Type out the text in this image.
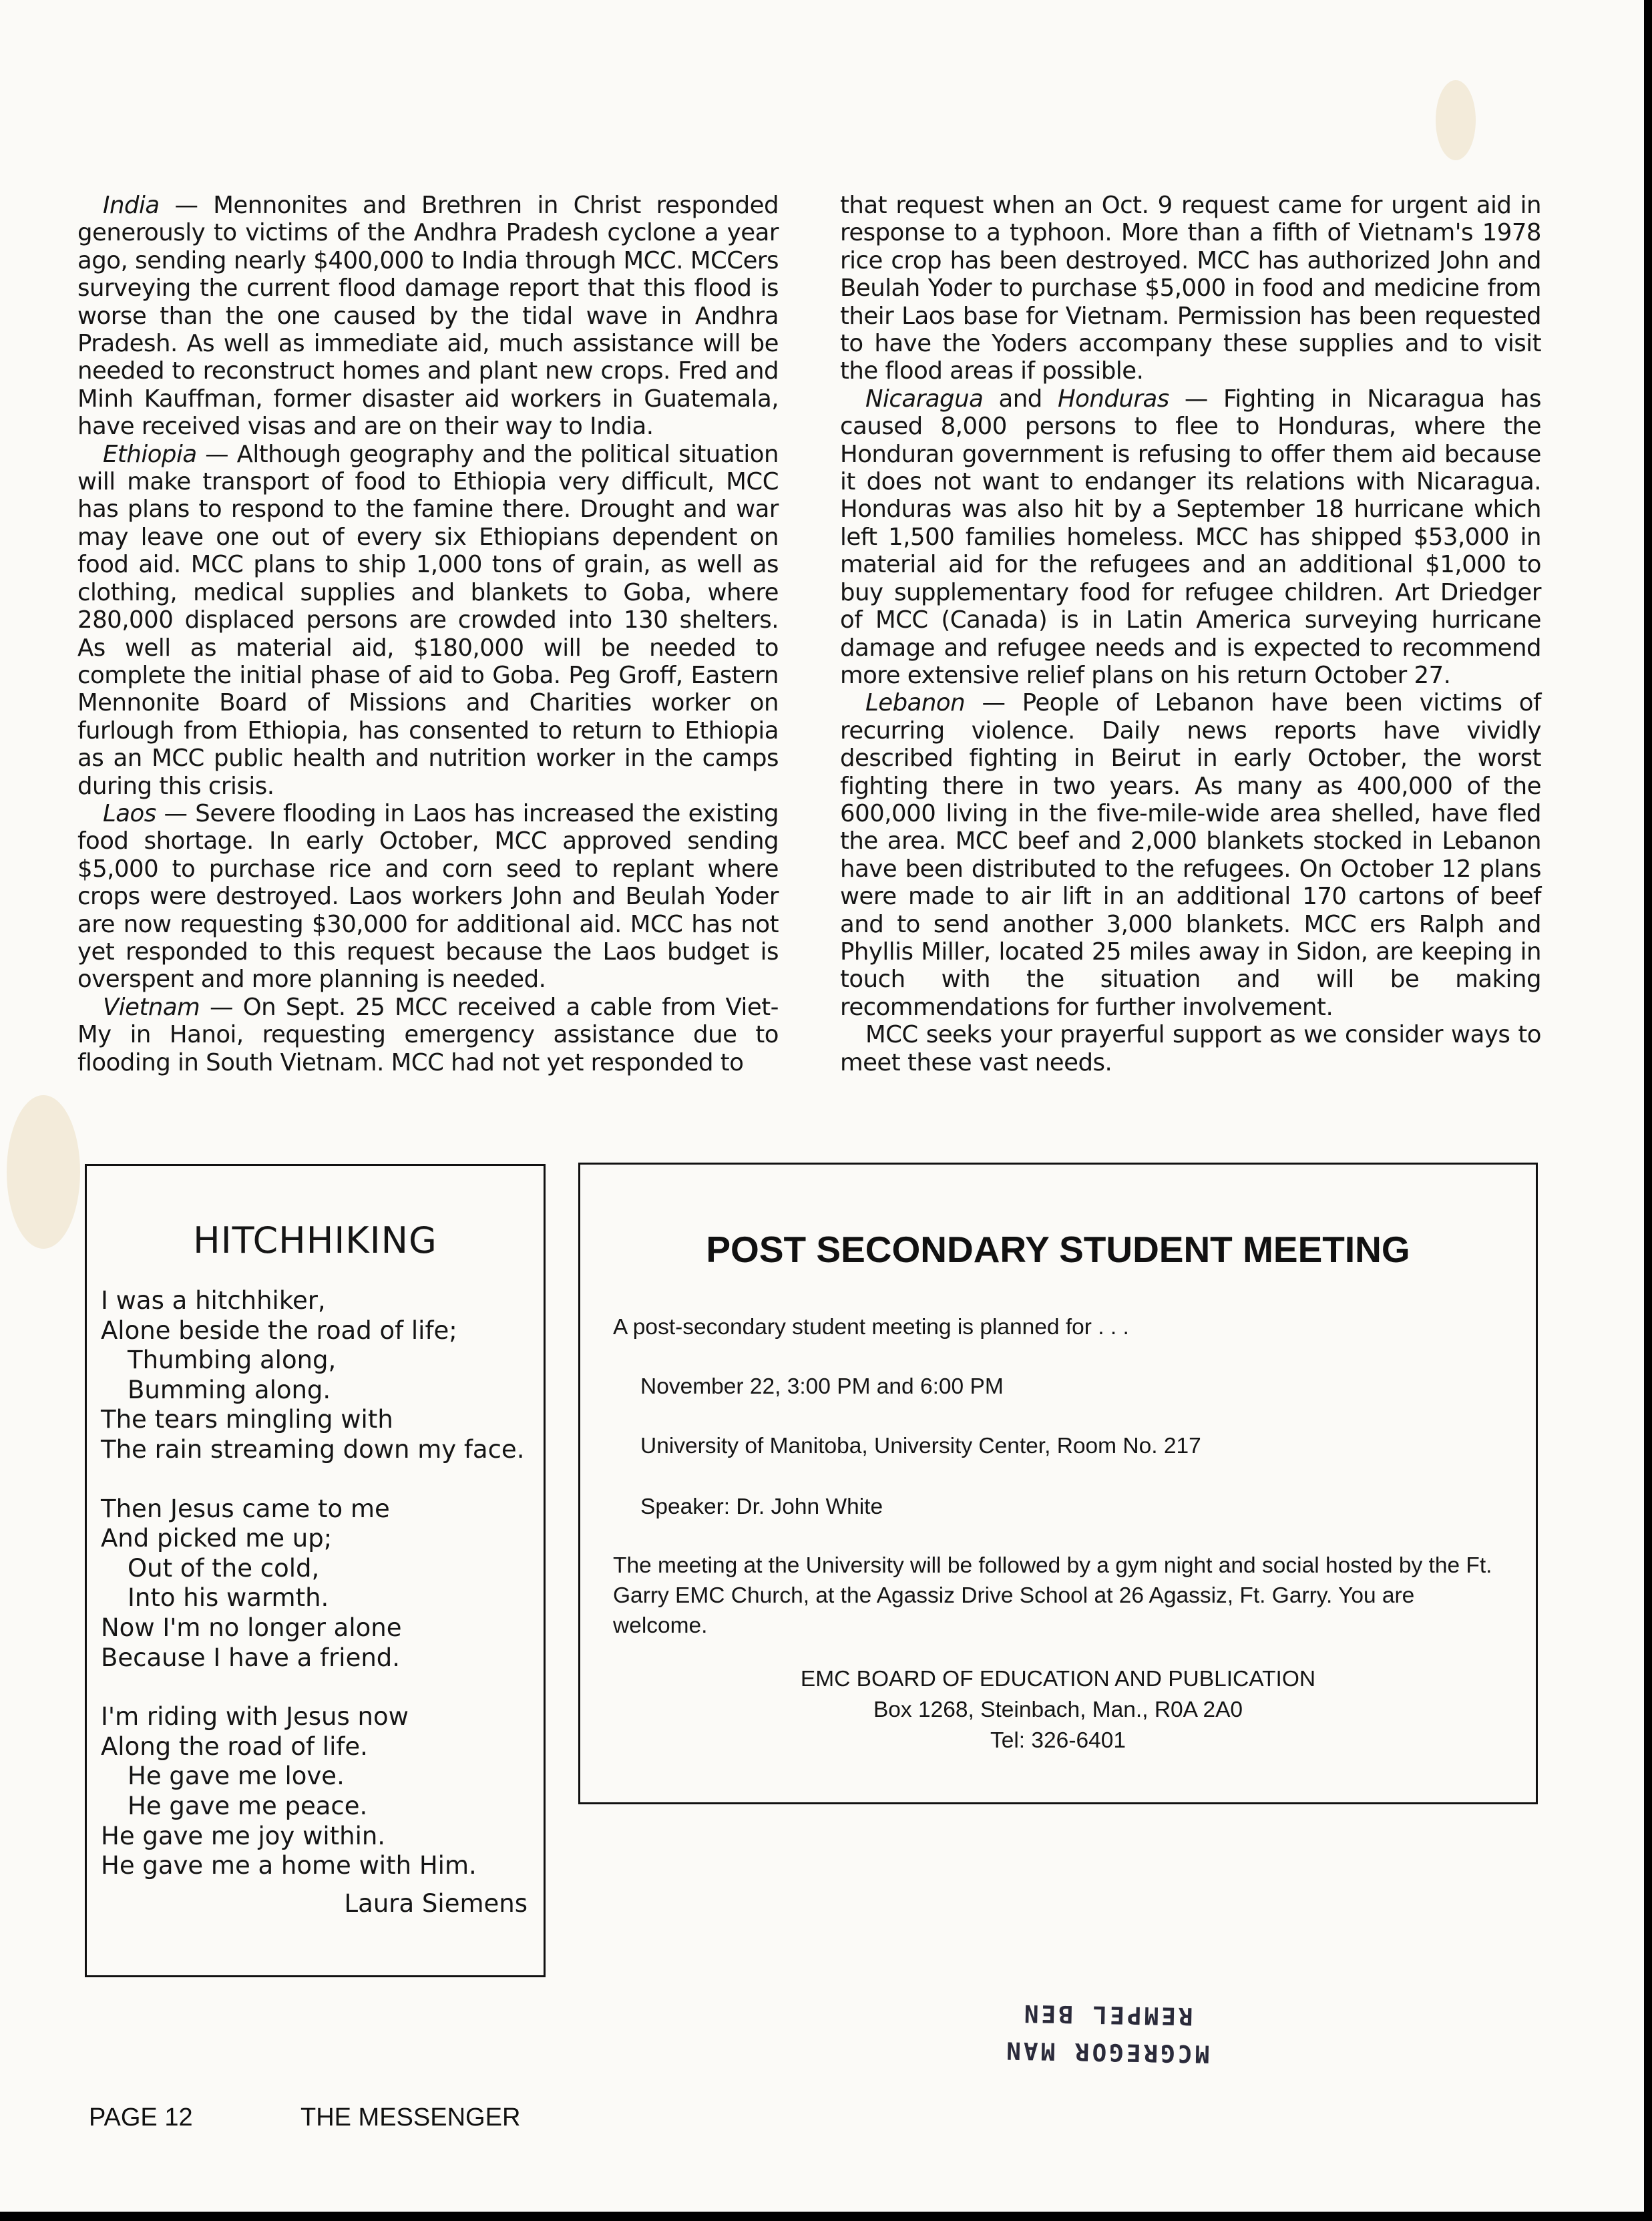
India — Mennonites and Brethren in Christ responded generously to victims of the Andhra Pradesh cyclone a year ago, sending nearly $400,000 to India through MCC. MCCers surveying the current flood damage report that this flood is worse than the one caused by the tidal wave in Andhra Pradesh. As well as immediate aid, much assistance will be needed to reconstruct homes and plant new crops. Fred and Minh Kauffman, former disaster aid workers in Guatemala, have received visas and are on their way to India.

Ethiopia — Although geography and the political situation will make transport of food to Ethiopia very difficult, MCC has plans to respond to the famine there. Drought and war may leave one out of every six Ethiopians dependent on food aid. MCC plans to ship 1,000 tons of grain, as well as clothing, medical supplies and blankets to Goba, where 280,000 displaced persons are crowded into 130 shelters. As well as material aid, $180,000 will be needed to complete the initial phase of aid to Goba. Peg Groff, Eastern Mennonite Board of Missions and Charities worker on furlough from Ethiopia, has consented to return to Ethiopia as an MCC public health and nutrition worker in the camps during this crisis.

Laos — Severe flooding in Laos has increased the existing food shortage. In early October, MCC approved sending $5,000 to purchase rice and corn seed to replant where crops were destroyed. Laos workers John and Beulah Yoder are now requesting $30,000 for additional aid. MCC has not yet responded to this request because the Laos budget is overspent and more planning is needed.

Vietnam — On Sept. 25 MCC received a cable from Viet-My in Hanoi, requesting emergency assistance due to flooding in South Vietnam. MCC had not yet responded to

that request when an Oct. 9 request came for urgent aid in response to a typhoon. More than a fifth of Vietnam's 1978 rice crop has been destroyed. MCC has authorized John and Beulah Yoder to purchase $5,000 in food and medicine from their Laos base for Vietnam. Permission has been requested to have the Yoders accompany these supplies and to visit the flood areas if possible.

Nicaragua and Honduras — Fighting in Nicaragua has caused 8,000 persons to flee to Honduras, where the Honduran government is refusing to offer them aid because it does not want to endanger its relations with Nicaragua. Honduras was also hit by a September 18 hurricane which left 1,500 families homeless. MCC has shipped $53,000 in material aid for the refugees and an additional $1,000 to buy supplementary food for refugee children. Art Driedger of MCC (Canada) is in Latin America surveying hurricane damage and refugee needs and is expected to recommend more extensive relief plans on his return October 27.

Lebanon — People of Lebanon have been victims of recurring violence. Daily news reports have vividly described fighting in Beirut in early October, the worst fighting there in two years. As many as 400,000 of the 600,000 living in the five-mile-wide area shelled, have fled the area. MCC beef and 2,000 blankets stocked in Lebanon have been distributed to the refugees. On October 12 plans were made to air lift in an additional 170 cartons of beef and to send another 3,000 blankets. MCC ers Ralph and Phyllis Miller, located 25 miles away in Sidon, are keeping in touch with the situation and will be making recommendations for further involvement.

MCC seeks your prayerful support as we consider ways to meet these vast needs.

HITCHHIKING
I was a hitchhiker,
Alone beside the road of life;
Thumbing along,
Bumming along.
The tears mingling with
The rain streaming down my face.
Then Jesus came to me
And picked me up;
Out of the cold,
Into his warmth.
Now I'm no longer alone
Because I have a friend.
I'm riding with Jesus now
Along the road of life.
He gave me love.
He gave me peace.
He gave me joy within.
He gave me a home with Him.
Laura Siemens
POST SECONDARY STUDENT MEETING
A post-secondary student meeting is planned for . . .
November 22, 3:00 PM and 6:00 PM
University of Manitoba, University Center, Room No. 217
Speaker: Dr. John White
The meeting at the University will be followed by a gym night and social hosted by the Ft. Garry EMC Church, at the Agassiz Drive School at 26 Agassiz, Ft. Garry. You are welcome.
EMC BOARD OF EDUCATION AND PUBLICATION
Box 1268, Steinbach, Man., R0A 2A0
Tel: 326-6401
MCGREGOR MAN
REMPEL BEN
PAGE 12	THE MESSENGER
